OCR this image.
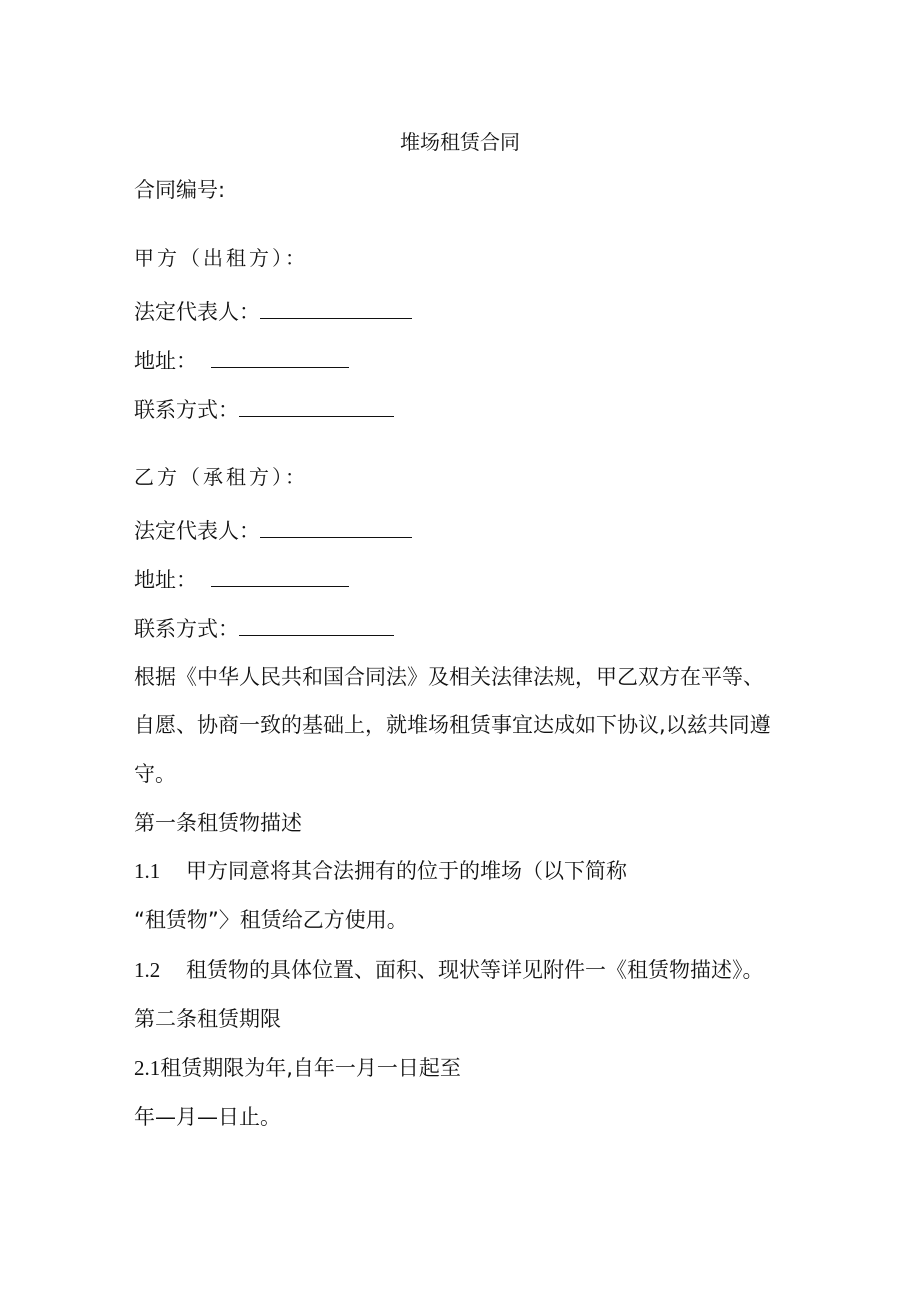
堆场租赁合同
合同编号:
甲方（出租方）：
法定代表人：
地址：
联系方式：
乙方（承租方）：
法定代表人：
地址：
联系方式：
根据《中华人民共和国合同法》及相关法律法规，甲乙双方在平等、
自愿、协商一致的基础上，就堆场租赁事宜达成如下协议,以兹共同遵
守。
第一条租赁物描述
1.1 甲方同意将其合法拥有的位于的堆场（以下简称
“租赁物”〉租赁给乙方使用。
1.2 租赁物的具体位置、面积、现状等详见附件一《租赁物描述》。
第二条租赁期限
2.1租赁期限为年,自年一月一日起至
年—月—日止。
